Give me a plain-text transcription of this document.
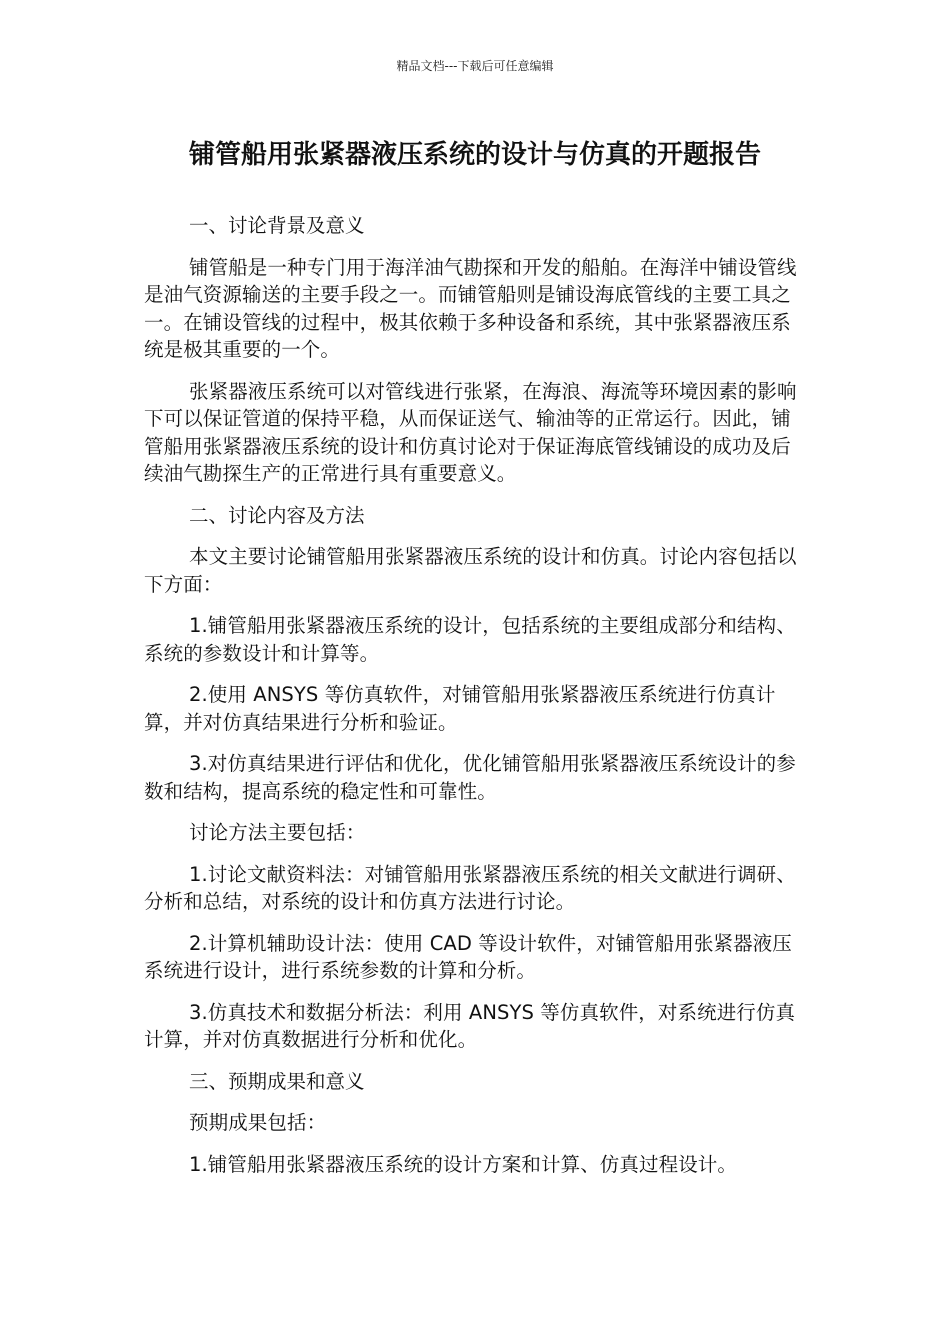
精品文档---下载后可任意编辑
铺管船用张紧器液压系统的设计与仿真的开题报告

一、讨论背景及意义

铺管船是一种专门用于海洋油气勘探和开发的船舶。在海洋中铺设管线是油气资源输送的主要手段之一。而铺管船则是铺设海底管线的主要工具之一。在铺设管线的过程中，极其依赖于多种设备和系统，其中张紧器液压系统是极其重要的一个。

张紧器液压系统可以对管线进行张紧，在海浪、海流等环境因素的影响下可以保证管道的保持平稳，从而保证送气、输油等的正常运行。因此，铺管船用张紧器液压系统的设计和仿真讨论对于保证海底管线铺设的成功及后续油气勘探生产的正常进行具有重要意义。

二、讨论内容及方法

本文主要讨论铺管船用张紧器液压系统的设计和仿真。讨论内容包括以下方面：

1.铺管船用张紧器液压系统的设计，包括系统的主要组成部分和结构、系统的参数设计和计算等。

2.使用 ANSYS 等仿真软件，对铺管船用张紧器液压系统进行仿真计算，并对仿真结果进行分析和验证。

3.对仿真结果进行评估和优化，优化铺管船用张紧器液压系统设计的参数和结构，提高系统的稳定性和可靠性。

讨论方法主要包括：

1.讨论文献资料法：对铺管船用张紧器液压系统的相关文献进行调研、分析和总结，对系统的设计和仿真方法进行讨论。

2.计算机辅助设计法：使用 CAD 等设计软件，对铺管船用张紧器液压系统进行设计，进行系统参数的计算和分析。

3.仿真技术和数据分析法：利用 ANSYS 等仿真软件，对系统进行仿真计算，并对仿真数据进行分析和优化。

三、预期成果和意义

预期成果包括：

1.铺管船用张紧器液压系统的设计方案和计算、仿真过程设计。
